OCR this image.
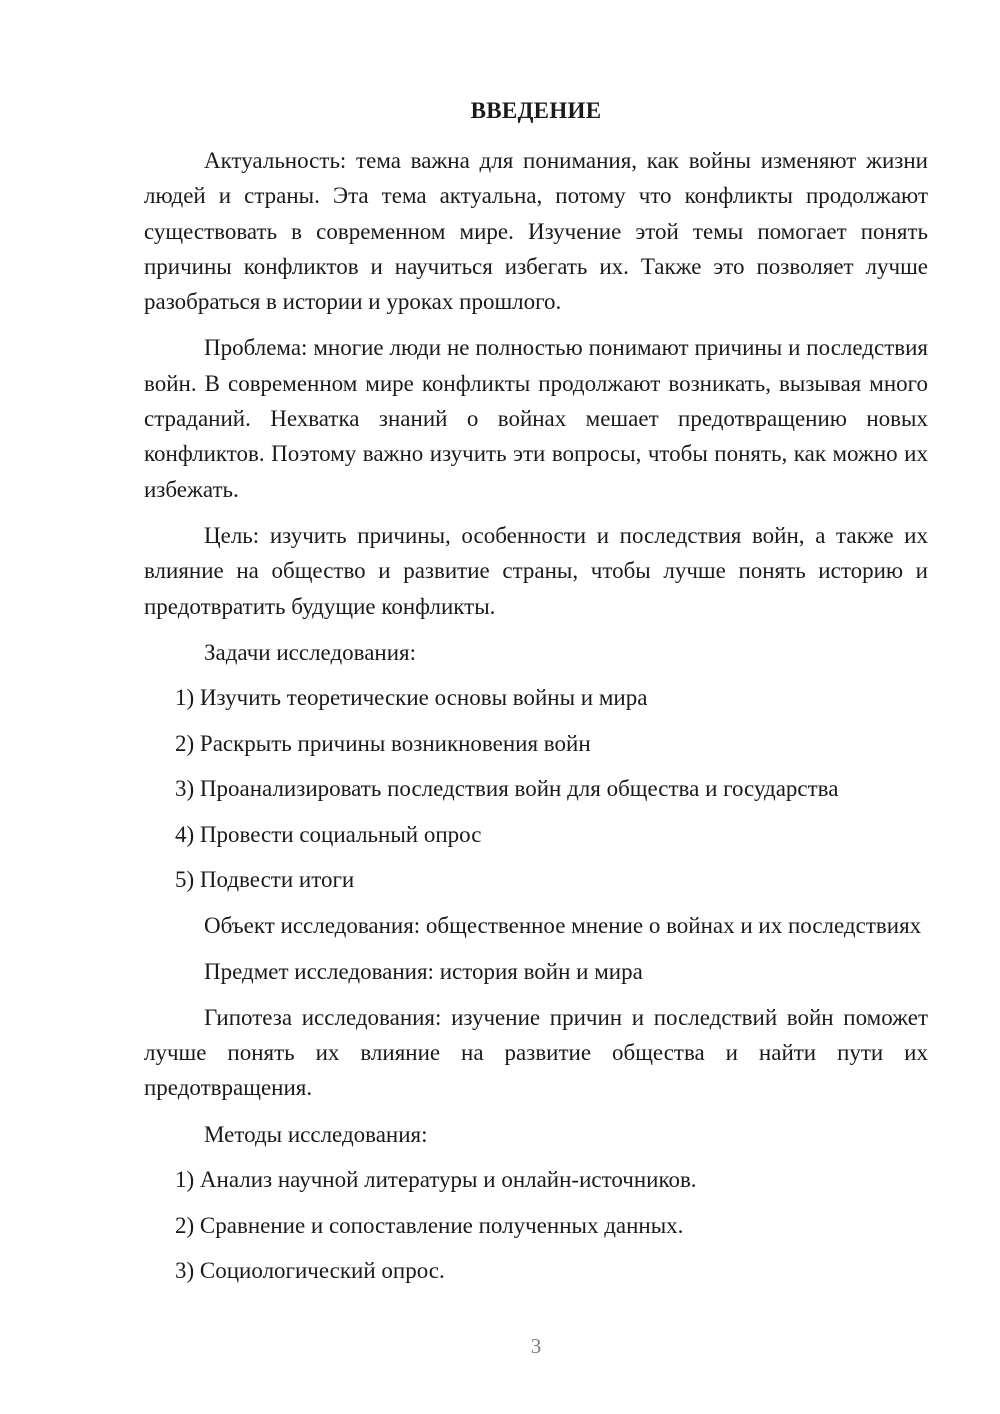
ВВЕДЕНИЕ

Актуальность: тема важна для понимания, как войны изменяют жизни людей и страны. Эта тема актуальна, потому что конфликты продолжают существовать в современном мире. Изучение этой темы помогает понять причины конфликтов и научиться избегать их. Также это позволяет лучше разобраться в истории и уроках прошлого.

Проблема: многие люди не полностью понимают причины и последствия войн. В современном мире конфликты продолжают возникать, вызывая много страданий. Нехватка знаний о войнах мешает предотвращению новых конфликтов. Поэтому важно изучить эти вопросы, чтобы понять, как можно их избежать.

Цель: изучить причины, особенности и последствия войн, а также их влияние на общество и развитие страны, чтобы лучше понять историю и предотвратить будущие конфликты.

Задачи исследования:

1) Изучить теоретические основы войны и мира

2) Раскрыть причины возникновения войн

3) Проанализировать последствия войн для общества и государства

4) Провести социальный опрос

5) Подвести итоги

Объект исследования: общественное мнение о войнах и их последствиях

Предмет исследования: история войн и мира

Гипотеза исследования: изучение причин и последствий войн поможет лучше понять их влияние на развитие общества и найти пути их предотвращения.

Методы исследования:

1) Анализ научной литературы и онлайн-источников.

2) Сравнение и сопоставление полученных данных.

3) Социологический опрос.

3
